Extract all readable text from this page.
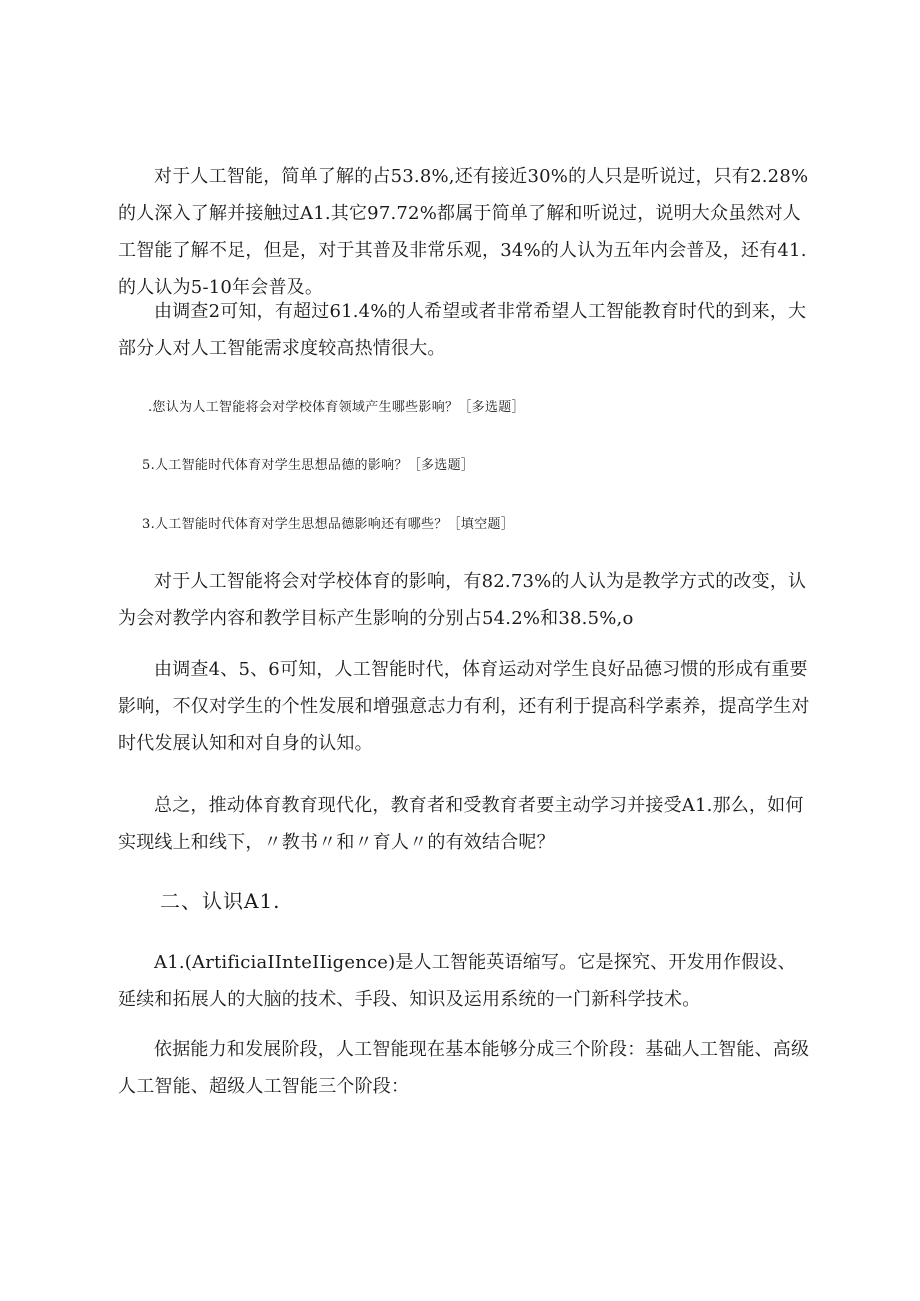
对于人工智能，简单了解的占53.8%,还有接近30%的人只是听说过，只有2.28%的人深入了解并接触过A1.其它97.72%都属于简单了解和听说过，说明大众虽然对人工智能了解不足，但是，对于其普及非常乐观，34%的人认为五年内会普及，还有41.的人认为5-10年会普及。

由调查2可知，有超过61.4%的人希望或者非常希望人工智能教育时代的到来，大部分人对人工智能需求度较高热情很大。

.您认为人工智能将会对学校体育领域产生哪些影响？［多选题］

5.人工智能时代体育对学生思想品德的影响？［多选题］

3.人工智能时代体育对学生思想品德影响还有哪些？［填空题］

对于人工智能将会对学校体育的影响，有82.73%的人认为是教学方式的改变，认为会对教学内容和教学目标产生影响的分别占54.2%和38.5%,o

由调查4、5、6可知，人工智能时代，体育运动对学生良好品德习惯的形成有重要影响，不仅对学生的个性发展和增强意志力有利，还有利于提高科学素养，提高学生对时代发展认知和对自身的认知。

总之，推动体育教育现代化，教育者和受教育者要主动学习并接受A1.那么，如何实现线上和线下，〃教书〃和〃育人〃的有效结合呢？

二、认识A1.

A1.(ArtificiaIInteIIigence)是人工智能英语缩写。它是探究、开发用作假设、延续和拓展人的大脑的技术、手段、知识及运用系统的一门新科学技术。

依据能力和发展阶段，人工智能现在基本能够分成三个阶段：基础人工智能、高级人工智能、超级人工智能三个阶段：
